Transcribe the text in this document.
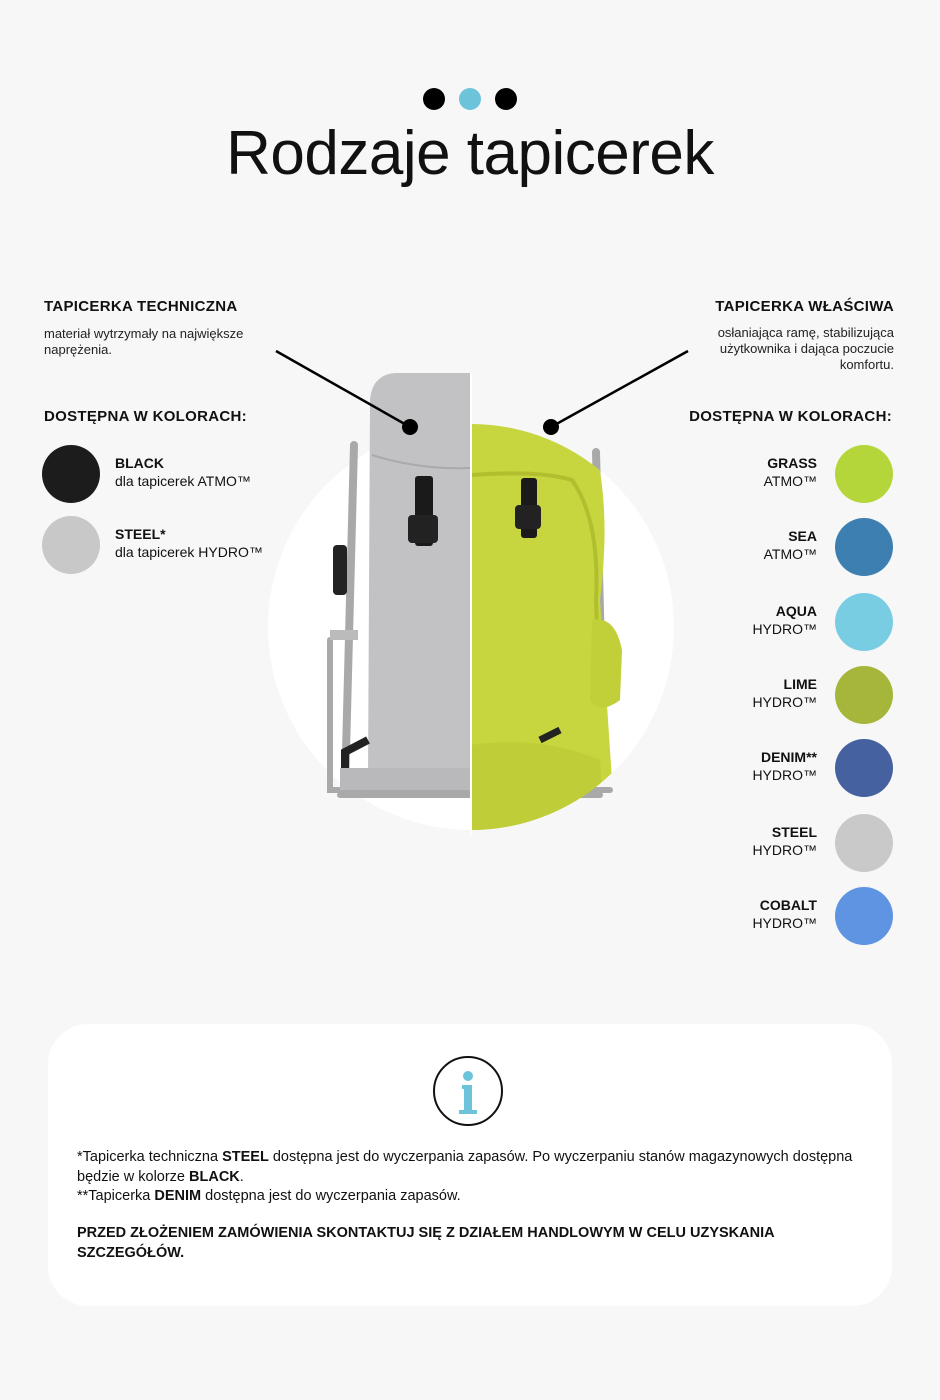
Rodzaje tapicerek
TAPICERKA TECHNICZNA
materiał wytrzymały na największe naprężenia.
DOSTĘPNA W KOLORACH:
BLACK
dla tapicerek ATMO™
STEEL*
dla tapicerek HYDRO™
TAPICERKA WŁAŚCIWA
osłaniająca ramę, stabilizująca użytkownika i dająca poczucie komfortu.
DOSTĘPNA W KOLORACH:
GRASS
ATMO™
SEA
ATMO™
AQUA
HYDRO™
LIME
HYDRO™
DENIM**
HYDRO™
STEEL
HYDRO™
COBALT
HYDRO™
*Tapicerka techniczna STEEL dostępna jest do wyczerpania zapasów. Po wyczerpaniu stanów magazynowych dostępna będzie w kolorze BLACK.
**Tapicerka DENIM dostępna jest do wyczerpania zapasów.
PRZED ZŁOŻENIEM ZAMÓWIENIA SKONTAKTUJ SIĘ Z DZIAŁEM HANDLOWYM W CELU UZYSKANIA SZCZEGÓŁÓW.
